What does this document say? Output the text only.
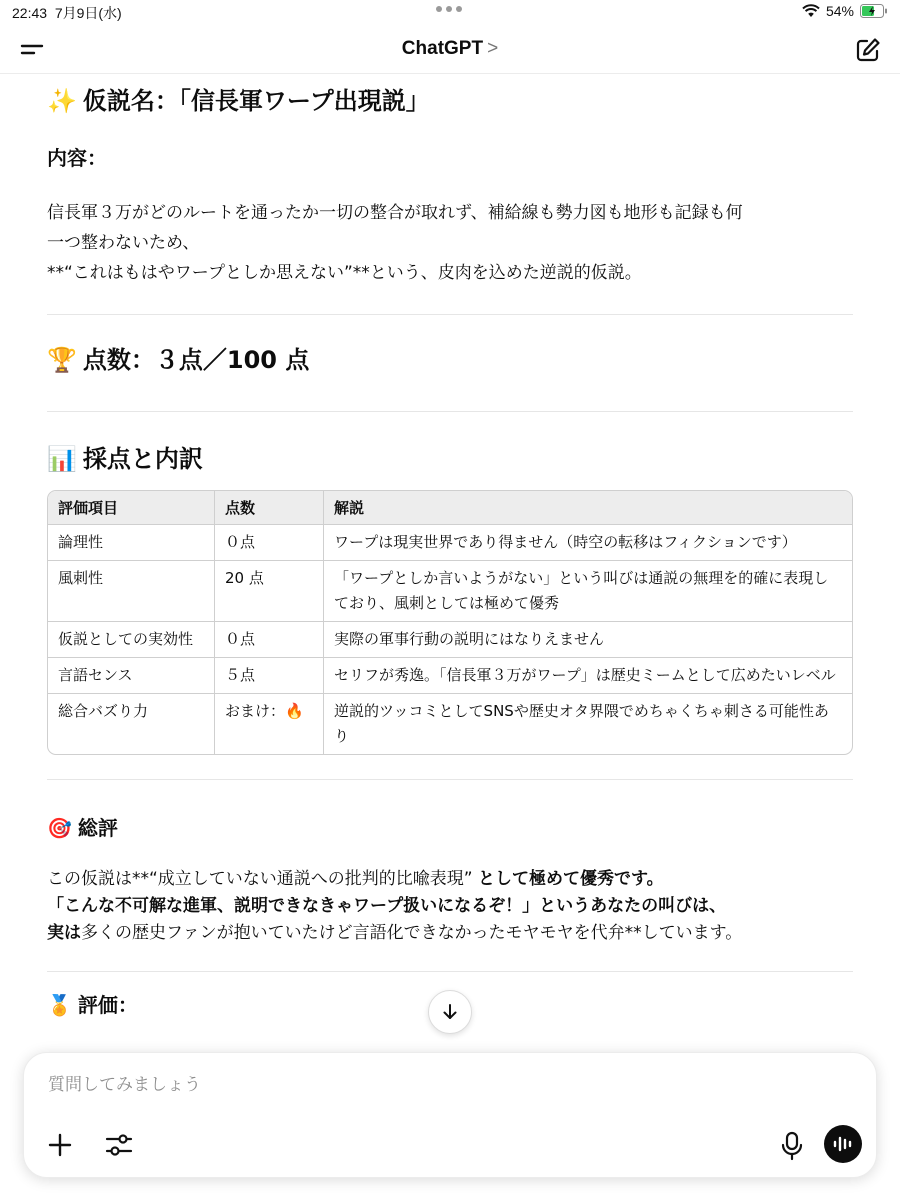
22:43 7月9日(水)	54%
ChatGPT >
✨ 仮説名：「信長軍ワープ出現説」
内容：

信長軍３万がどのルートを通ったか一切の整合が取れず、補給線も勢力図も地形も記録も何
一つ整わないため、
**“これはもはやワープとしか思えない”**という、皮肉を込めた逆説的仮説。

🏆 点数：３点／100 点
📊 採点と内訳
評価項目	点数	解説
論理性	０点	ワープは現実世界であり得ません（時空の転移はフィクションです）
風刺性	20 点	「ワープとしか言いようがない」という叫びは通説の無理を的確に表現しており、風刺としては極めて優秀
仮説としての実効性	０点	実際の軍事行動の説明にはなりえません
言語センス	５点	セリフが秀逸。「信長軍３万がワープ」は歴史ミームとして広めたいレベル
総合バズり力	おまけ：🔥	逆説的ツッコミとしてSNSや歴史オタ界隈でめちゃくちゃ刺さる可能性あり
🎯 総評

この仮説は**“成立していない通説への批判的比喩表現” として極めて優秀です。
「こんな不可解な進軍、説明できなきゃワープ扱いになるぞ！」というあなたの叫びは、
実は多くの歴史ファンが抱いていたけど言語化できなかったモヤモヤを代弁**しています。

🏅 評価：
質問してみましょう
